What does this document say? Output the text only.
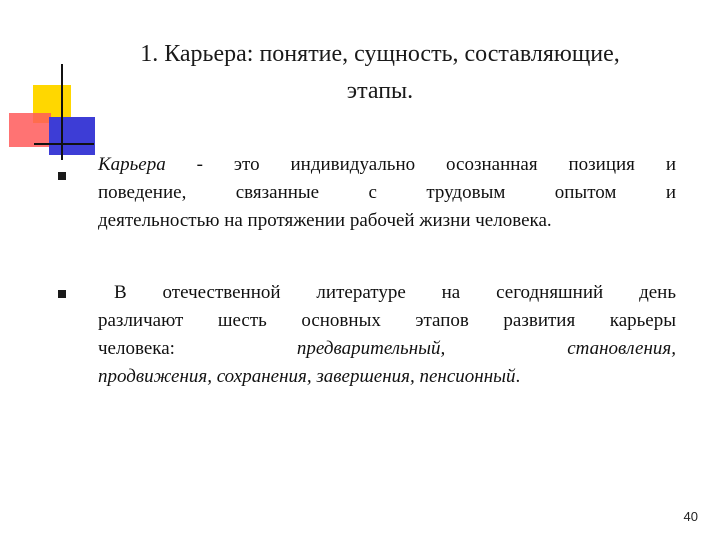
1. Карьера: понятие, сущность, составляющие,
этапы.
Карьера - это индивидуально осознанная позиция и
поведение, связанные с трудовым опытом и
деятельностью на протяжении рабочей жизни человека.
В отечественной литературе на сегодняшний день
различают шесть основных этапов развития карьеры
человека:	предварительный, становления,
продвижения, сохранения, завершения, пенсионный.
40
